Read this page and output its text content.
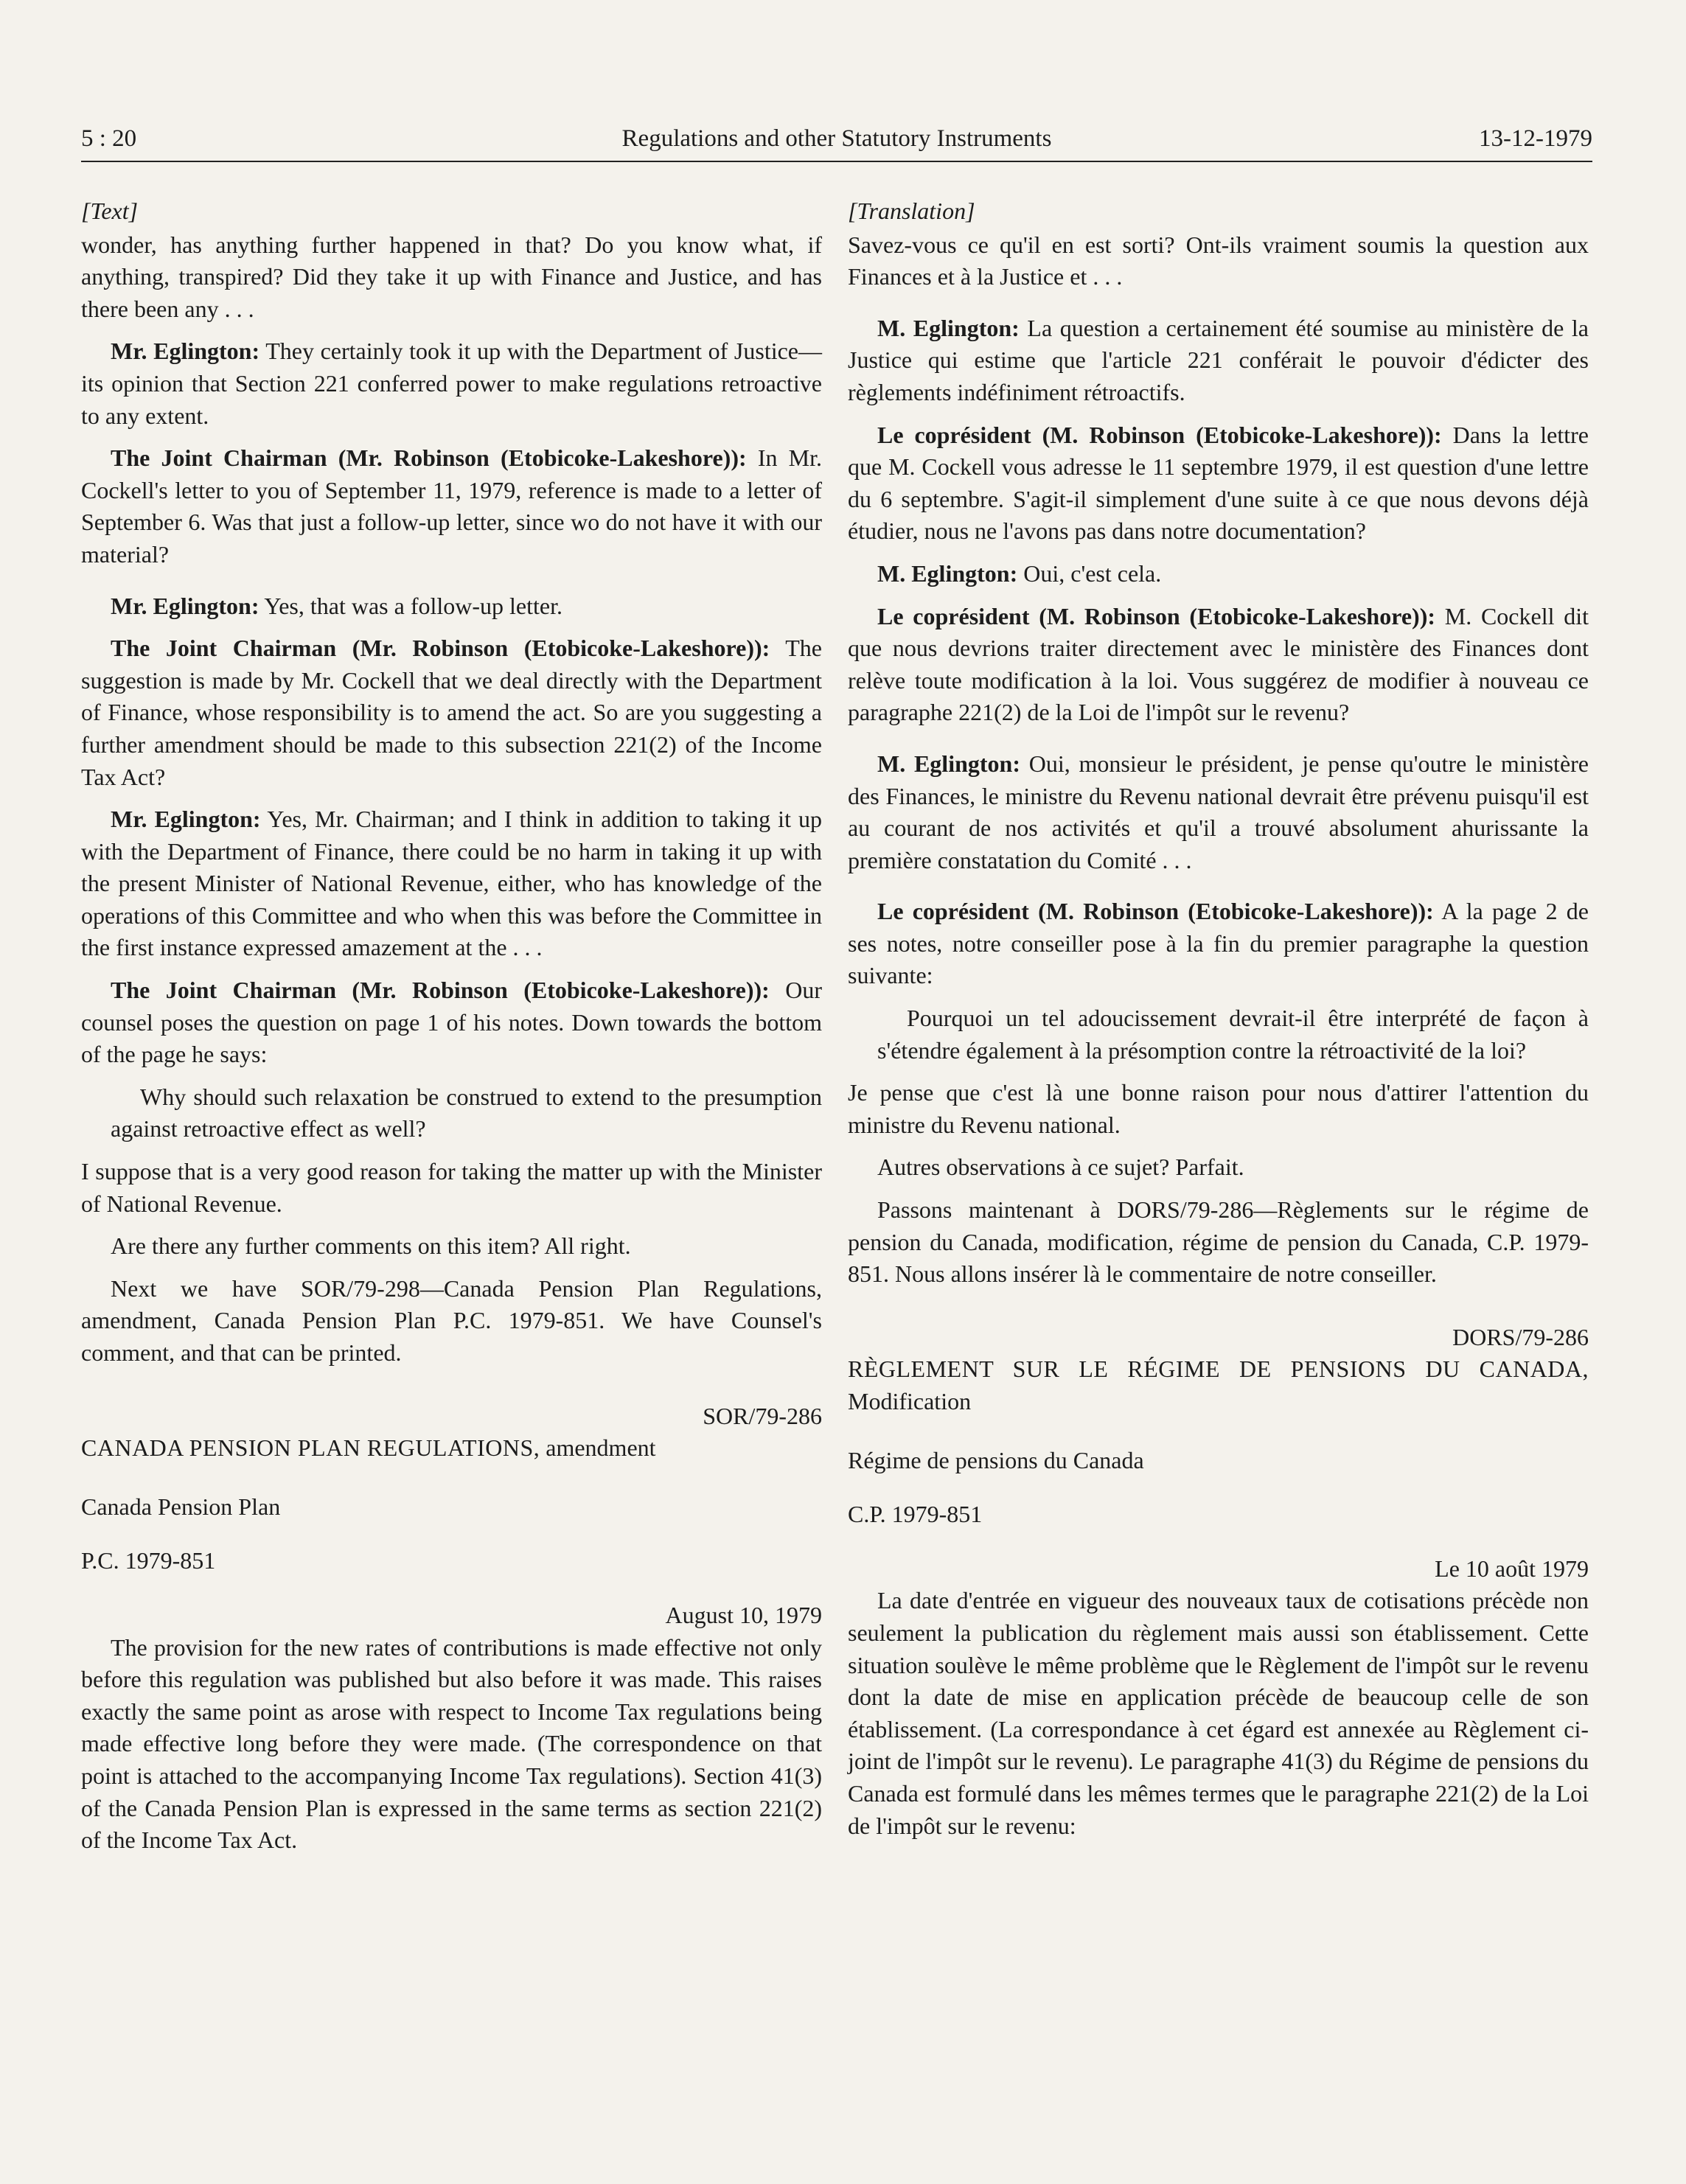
5 : 20	Regulations and other Statutory Instruments	13-12-1979

[Text]

wonder, has anything further happened in that? Do you know what, if anything, transpired? Did they take it up with Finance and Justice, and has there been any . . .

Mr. Eglington: They certainly took it up with the Department of Justice—its opinion that Section 221 conferred power to make regulations retroactive to any extent.

The Joint Chairman (Mr. Robinson (Etobicoke-Lakeshore)): In Mr. Cockell's letter to you of September 11, 1979, reference is made to a letter of September 6. Was that just a follow-up letter, since wo do not have it with our material?

Mr. Eglington: Yes, that was a follow-up letter.

The Joint Chairman (Mr. Robinson (Etobicoke-Lakeshore)): The suggestion is made by Mr. Cockell that we deal directly with the Department of Finance, whose responsibility is to amend the act. So are you suggesting a further amendment should be made to this subsection 221(2) of the Income Tax Act?

Mr. Eglington: Yes, Mr. Chairman; and I think in addition to taking it up with the Department of Finance, there could be no harm in taking it up with the present Minister of National Revenue, either, who has knowledge of the operations of this Committee and who when this was before the Committee in the first instance expressed amazement at the . . .

The Joint Chairman (Mr. Robinson (Etobicoke-Lakeshore)): Our counsel poses the question on page 1 of his notes. Down towards the bottom of the page he says:

Why should such relaxation be construed to extend to the presumption against retroactive effect as well?

I suppose that is a very good reason for taking the matter up with the Minister of National Revenue.

Are there any further comments on this item? All right.

Next we have SOR/79-298—Canada Pension Plan Regulations, amendment, Canada Pension Plan P.C. 1979-851. We have Counsel's comment, and that can be printed.

SOR/79-286

CANADA PENSION PLAN REGULATIONS, amendment

Canada Pension Plan

P.C. 1979-851

August 10, 1979

The provision for the new rates of contributions is made effective not only before this regulation was published but also before it was made. This raises exactly the same point as arose with respect to Income Tax regulations being made effective long before they were made. (The correspondence on that point is attached to the accompanying Income Tax regulations). Section 41(3) of the Canada Pension Plan is expressed in the same terms as section 221(2) of the Income Tax Act.

[Translation]

Savez-vous ce qu'il en est sorti? Ont-ils vraiment soumis la question aux Finances et à la Justice et . . .

M. Eglington: La question a certainement été soumise au ministère de la Justice qui estime que l'article 221 conférait le pouvoir d'édicter des règlements indéfiniment rétroactifs.

Le coprésident (M. Robinson (Etobicoke-Lakeshore)): Dans la lettre que M. Cockell vous adresse le 11 septembre 1979, il est question d'une lettre du 6 septembre. S'agit-il simplement d'une suite à ce que nous devons déjà étudier, nous ne l'avons pas dans notre documentation?

M. Eglington: Oui, c'est cela.

Le coprésident (M. Robinson (Etobicoke-Lakeshore)): M. Cockell dit que nous devrions traiter directement avec le ministère des Finances dont relève toute modification à la loi. Vous suggérez de modifier à nouveau ce paragraphe 221(2) de la Loi de l'impôt sur le revenu?

M. Eglington: Oui, monsieur le président, je pense qu'outre le ministère des Finances, le ministre du Revenu national devrait être prévenu puisqu'il est au courant de nos activités et qu'il a trouvé absolument ahurissante la première constatation du Comité . . .

Le coprésident (M. Robinson (Etobicoke-Lakeshore)): A la page 2 de ses notes, notre conseiller pose à la fin du premier paragraphe la question suivante:

Pourquoi un tel adoucissement devrait-il être interprété de façon à s'étendre également à la présomption contre la rétroactivité de la loi?

Je pense que c'est là une bonne raison pour nous d'attirer l'attention du ministre du Revenu national.

Autres observations à ce sujet? Parfait.

Passons maintenant à DORS/79-286—Règlements sur le régime de pension du Canada, modification, régime de pension du Canada, C.P. 1979-851. Nous allons insérer là le commentaire de notre conseiller.

DORS/79-286

RÈGLEMENT SUR LE RÉGIME DE PENSIONS DU CANADA, Modification

Régime de pensions du Canada

C.P. 1979-851

Le 10 août 1979

La date d'entrée en vigueur des nouveaux taux de cotisations précède non seulement la publication du règlement mais aussi son établissement. Cette situation soulève le même problème que le Règlement de l'impôt sur le revenu dont la date de mise en application précède de beaucoup celle de son établissement. (La correspondance à cet égard est annexée au Règlement ci-joint de l'impôt sur le revenu). Le paragraphe 41(3) du Régime de pensions du Canada est formulé dans les mêmes termes que le paragraphe 221(2) de la Loi de l'impôt sur le revenu:
